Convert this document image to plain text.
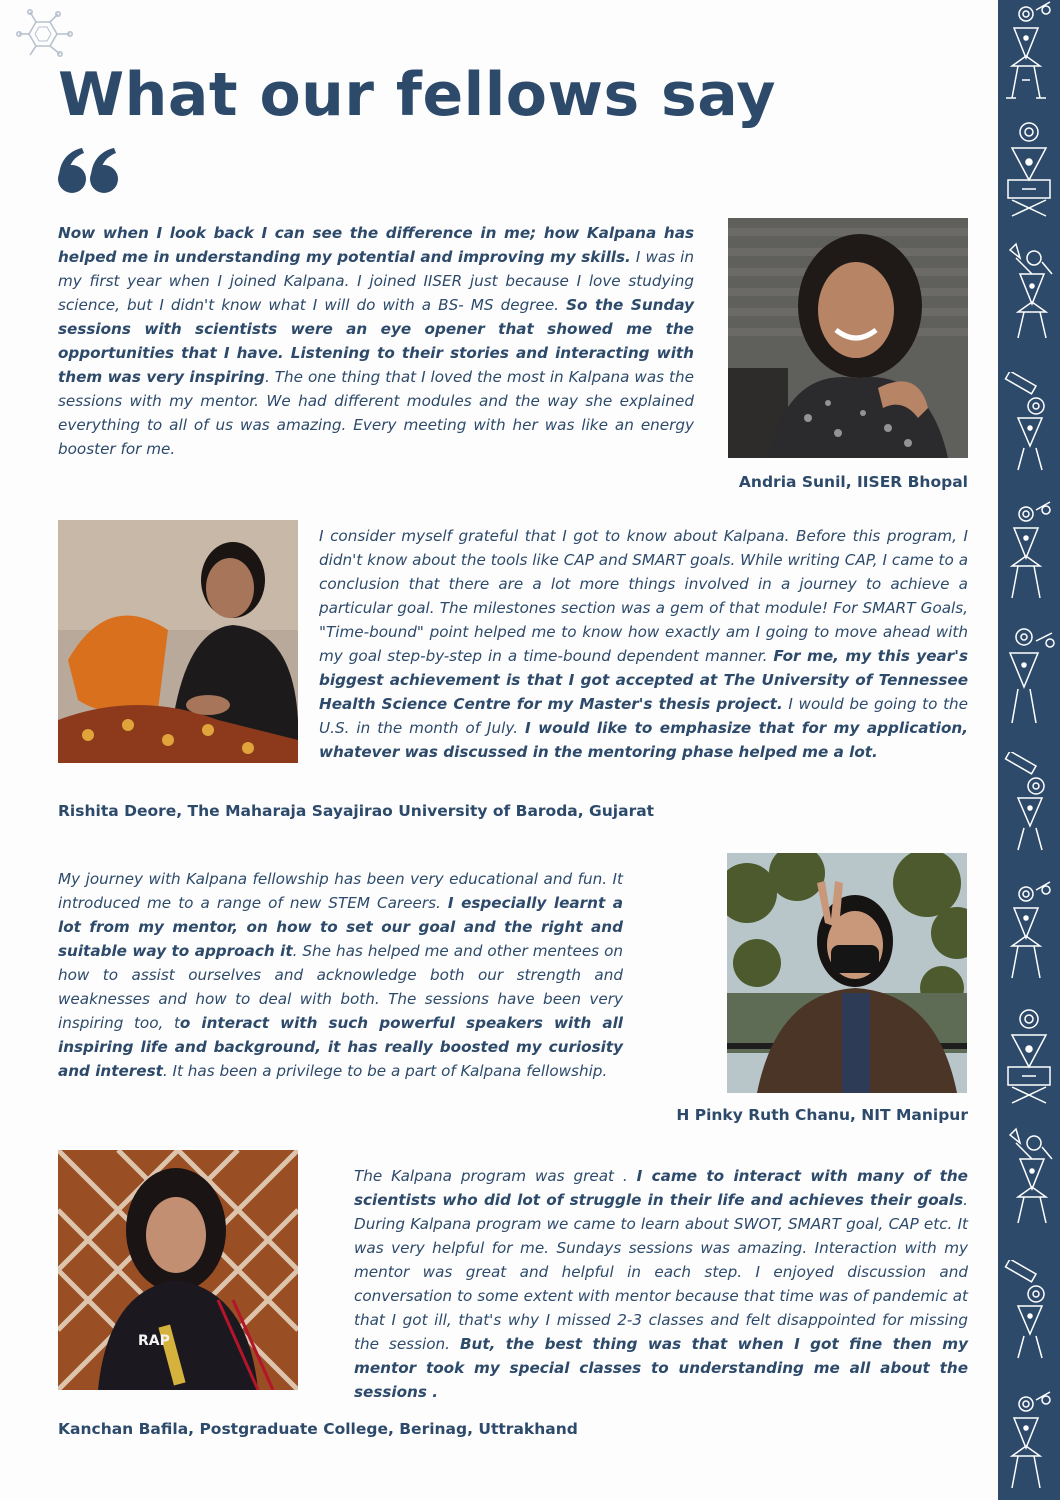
What our fellows say

Now when I look back I can see the difference in me; how Kalpana has helped me in understanding my potential and improving my skills. I was in my first year when I joined Kalpana. I joined IISER just because I love studying science, but I didn't know what I will do with a BS- MS degree. So the Sunday sessions with scientists were an eye opener that showed me the opportunities that I have. Listening to their stories and interacting with them was very inspiring. The one thing that I loved the most in Kalpana was the sessions with my mentor. We had different modules and the way she explained everything to all of us was amazing. Every meeting with her was like an energy booster for me.

Andria Sunil, IISER Bhopal

I consider myself grateful that I got to know about Kalpana. Before this program, I didn't know about the tools like CAP and SMART goals. While writing CAP, I came to a conclusion that there are a lot more things involved in a journey to achieve a particular goal. The milestones section was a gem of that module! For SMART Goals, "Time-bound" point helped me to know how exactly am I going to move ahead with my goal step-by-step in a time-bound dependent manner. For me, my this year's biggest achievement is that I got accepted at The University of Tennessee Health Science Centre for my Master's thesis project. I would be going to the U.S. in the month of July. I would like to emphasize that for my application, whatever was discussed in the mentoring phase helped me a lot.

Rishita Deore, The Maharaja Sayajirao University of Baroda, Gujarat

My journey with Kalpana fellowship has been very educational and fun. It introduced me to a range of new STEM Careers. I especially learnt a lot from my mentor, on how to set our goal and the right and suitable way to approach it. She has helped me and other mentees on how to assist ourselves and acknowledge both our strength and weaknesses and how to deal with both. The sessions have been very inspiring too, to interact with such powerful speakers with all inspiring life and background, it has really boosted my curiosity and interest. It has been a privilege to be a part of Kalpana fellowship.

H Pinky Ruth Chanu, NIT Manipur
RAP

The Kalpana program was great . I came to interact with many of the scientists who did lot of struggle in their life and achieves their goals. During Kalpana program we came to learn about SWOT, SMART goal, CAP etc. It was very helpful for me. Sundays sessions was amazing. Interaction with my mentor was great and helpful in each step. I enjoyed discussion and conversation to some extent with mentor because that time was of pandemic at that I got ill, that's why I missed 2-3 classes and felt disappointed for missing the session. But, the best thing was that when I got fine then my mentor took my special classes to understanding me all about the sessions .

Kanchan Bafila, Postgraduate College, Berinag, Uttrakhand
